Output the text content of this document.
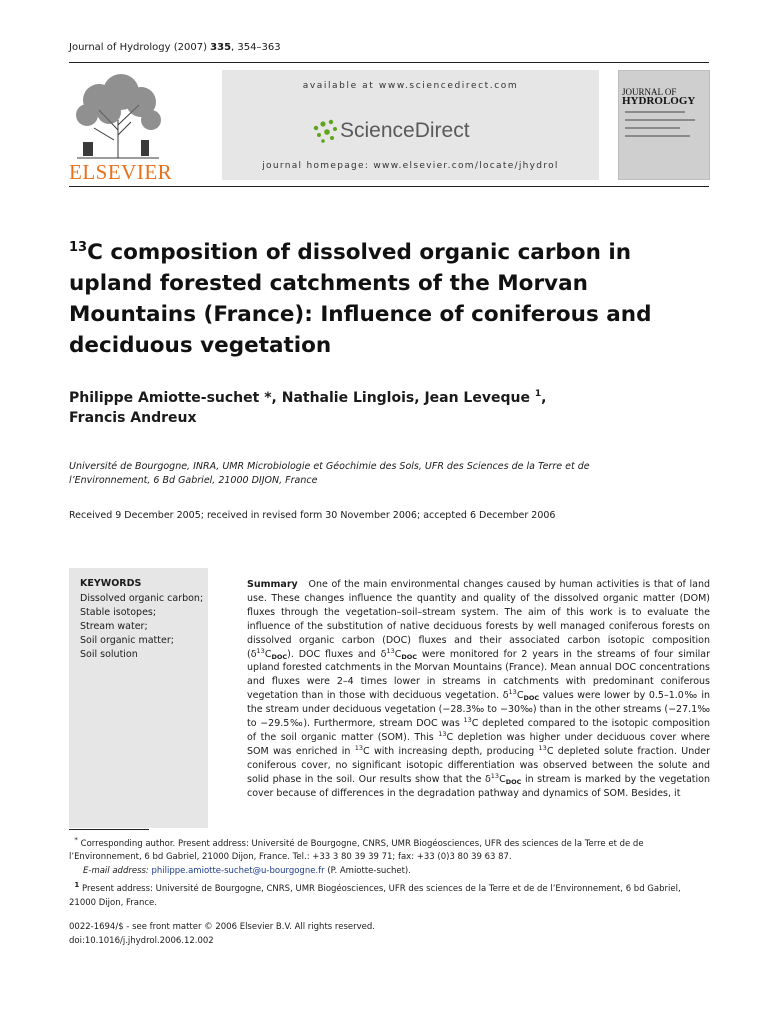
Journal of Hydrology (2007) 335, 354–363
ELSEVIER
available at www.sciencedirect.com
ScienceDirect
journal homepage: www.elsevier.com/locate/jhydrol
JOURNAL OF
HYDROLOGY
$^{13}$C composition of dissolved organic carbon in upland forested catchments of the Morvan Mountains (France): Influence of coniferous and deciduous vegetation
Philippe Amiotte-suchet *, Nathalie Linglois, Jean Leveque $^1$,
Francis Andreux
Université de Bourgogne, INRA, UMR Microbiologie et Géochimie des Sols, UFR des Sciences de la Terre et de l’Environnement, 6 Bd Gabriel, 21000 DIJON, France
Received 9 December 2005; received in revised form 30 November 2006; accepted 6 December 2006
KEYWORDS
Dissolved organic carbon;
Stable isotopes;
Stream water;
Soil organic matter;
Soil solution
Summary One of the main environmental changes caused by human activities is that of land use. These changes influence the quantity and quality of the dissolved organic matter (DOM) fluxes through the vegetation–soil–stream system. The aim of this work is to evaluate the influence of the substitution of native deciduous forests by well managed coniferous forests on dissolved organic carbon (DOC) fluxes and their associated carbon isotopic composition $(\delta^{13}C_{DOC})$. DOC fluxes and $\delta^{13}C_{DOC}$ were monitored for 2 years in the streams of four similar upland forested catchments in the Morvan Mountains (France). Mean annual DOC concentrations and fluxes were 2–4 times lower in streams in catchments with predominant coniferous vegetation than in those with deciduous vegetation. $\delta^{13}C_{DOC}$ values were lower by 0.5–1.0‰ in the stream under deciduous vegetation (−28.3‰ to −30‰) than in the other streams (−27.1‰ to −29.5‰). Furthermore, stream DOC was $^{13}$C depleted compared to the isotopic composition of the soil organic matter (SOM). This $^{13}$C depletion was higher under deciduous cover where SOM was enriched in $^{13}$C with increasing depth, producing $^{13}$C depleted solute fraction. Under coniferous cover, no significant isotopic differentiation was observed between the solute and solid phase in the soil. Our results show that the $\delta^{13}C_{DOC}$ in stream is marked by the vegetation cover because of differences in the degradation pathway and dynamics of SOM. Besides, it
* Corresponding author. Present address: Université de Bourgogne, CNRS, UMR Biogéosciences, UFR des sciences de la Terre et de de l’Environnement, 6 bd Gabriel, 21000 Dijon, France. Tel.: +33 3 80 39 39 71; fax: +33 (0)3 80 39 63 87.
E-mail address: philippe.amiotte-suchet@u-bourgogne.fr (P. Amiotte-suchet).
$^1$ Present address: Université de Bourgogne, CNRS, UMR Biogéosciences, UFR des sciences de la Terre et de de l’Environnement, 6 bd Gabriel, 21000 Dijon, France.
0022-1694/$ - see front matter © 2006 Elsevier B.V. All rights reserved.
doi:10.1016/j.jhydrol.2006.12.002
